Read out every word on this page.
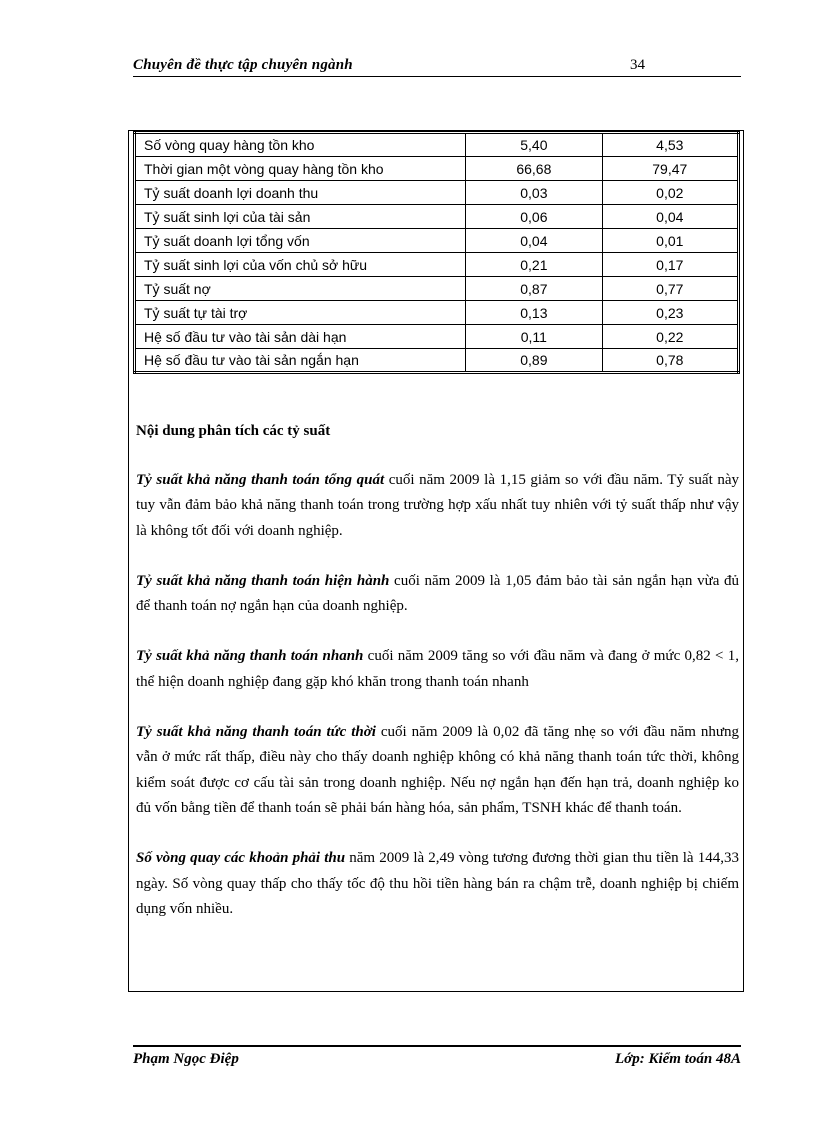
Chuyên đề thực tập chuyên ngành	34
Số vòng quay hàng tồn kho	5,40	4,53
Thời gian một vòng quay hàng tồn kho	66,68	79,47
Tỷ suất doanh lợi doanh thu	0,03	0,02
Tỷ suất sinh lợi của tài sản	0,06	0,04
Tỷ suất doanh lợi tổng vốn	0,04	0,01
Tỷ suất sinh lợi của vốn chủ sở hữu	0,21	0,17
Tỷ suất nợ	0,87	0,77
Tỷ suất tự tài trợ	0,13	0,23
Hệ số đầu tư vào tài sản dài hạn	0,11	0,22
Hệ số đầu tư vào tài sản ngắn hạn	0,89	0,78

Nội dung phân tích các tỷ suất

Tỷ suất khả năng thanh toán tổng quát cuối năm 2009 là 1,15 giảm so với đầu năm. Tỷ suất này tuy vẫn đảm bảo khả năng thanh toán trong trường hợp xấu nhất tuy nhiên với tỷ suất thấp như vậy là không tốt đối với doanh nghiệp.

Tỷ suất khả năng thanh toán hiện hành cuối năm 2009 là 1,05 đảm bảo tài sản ngắn hạn vừa đủ để thanh toán nợ ngắn hạn của doanh nghiệp.

Tỷ suất khả năng thanh toán nhanh cuối năm 2009 tăng so với đầu năm và đang ở mức 0,82 < 1, thể hiện doanh nghiệp đang gặp khó khăn trong thanh toán nhanh

Tỷ suất khả năng thanh toán tức thời cuối năm 2009 là 0,02 đã tăng nhẹ so với đầu năm nhưng vẫn ở mức rất thấp, điều này cho thấy doanh nghiệp không có khả năng thanh toán tức thời, không kiểm soát được cơ cấu tài sản trong doanh nghiệp. Nếu nợ ngắn hạn đến hạn trả, doanh nghiệp ko đủ vốn bằng tiền để thanh toán sẽ phải bán hàng hóa, sản phẩm, TSNH khác để thanh toán.

Số vòng quay các khoản phải thu năm 2009 là 2,49 vòng tương đương thời gian thu tiền là 144,33 ngày. Số vòng quay thấp cho thấy tốc độ thu hồi tiền hàng bán ra chậm trễ, doanh nghiệp bị chiếm dụng vốn nhiều.

Phạm Ngọc Điệp	Lớp: Kiểm toán 48A
